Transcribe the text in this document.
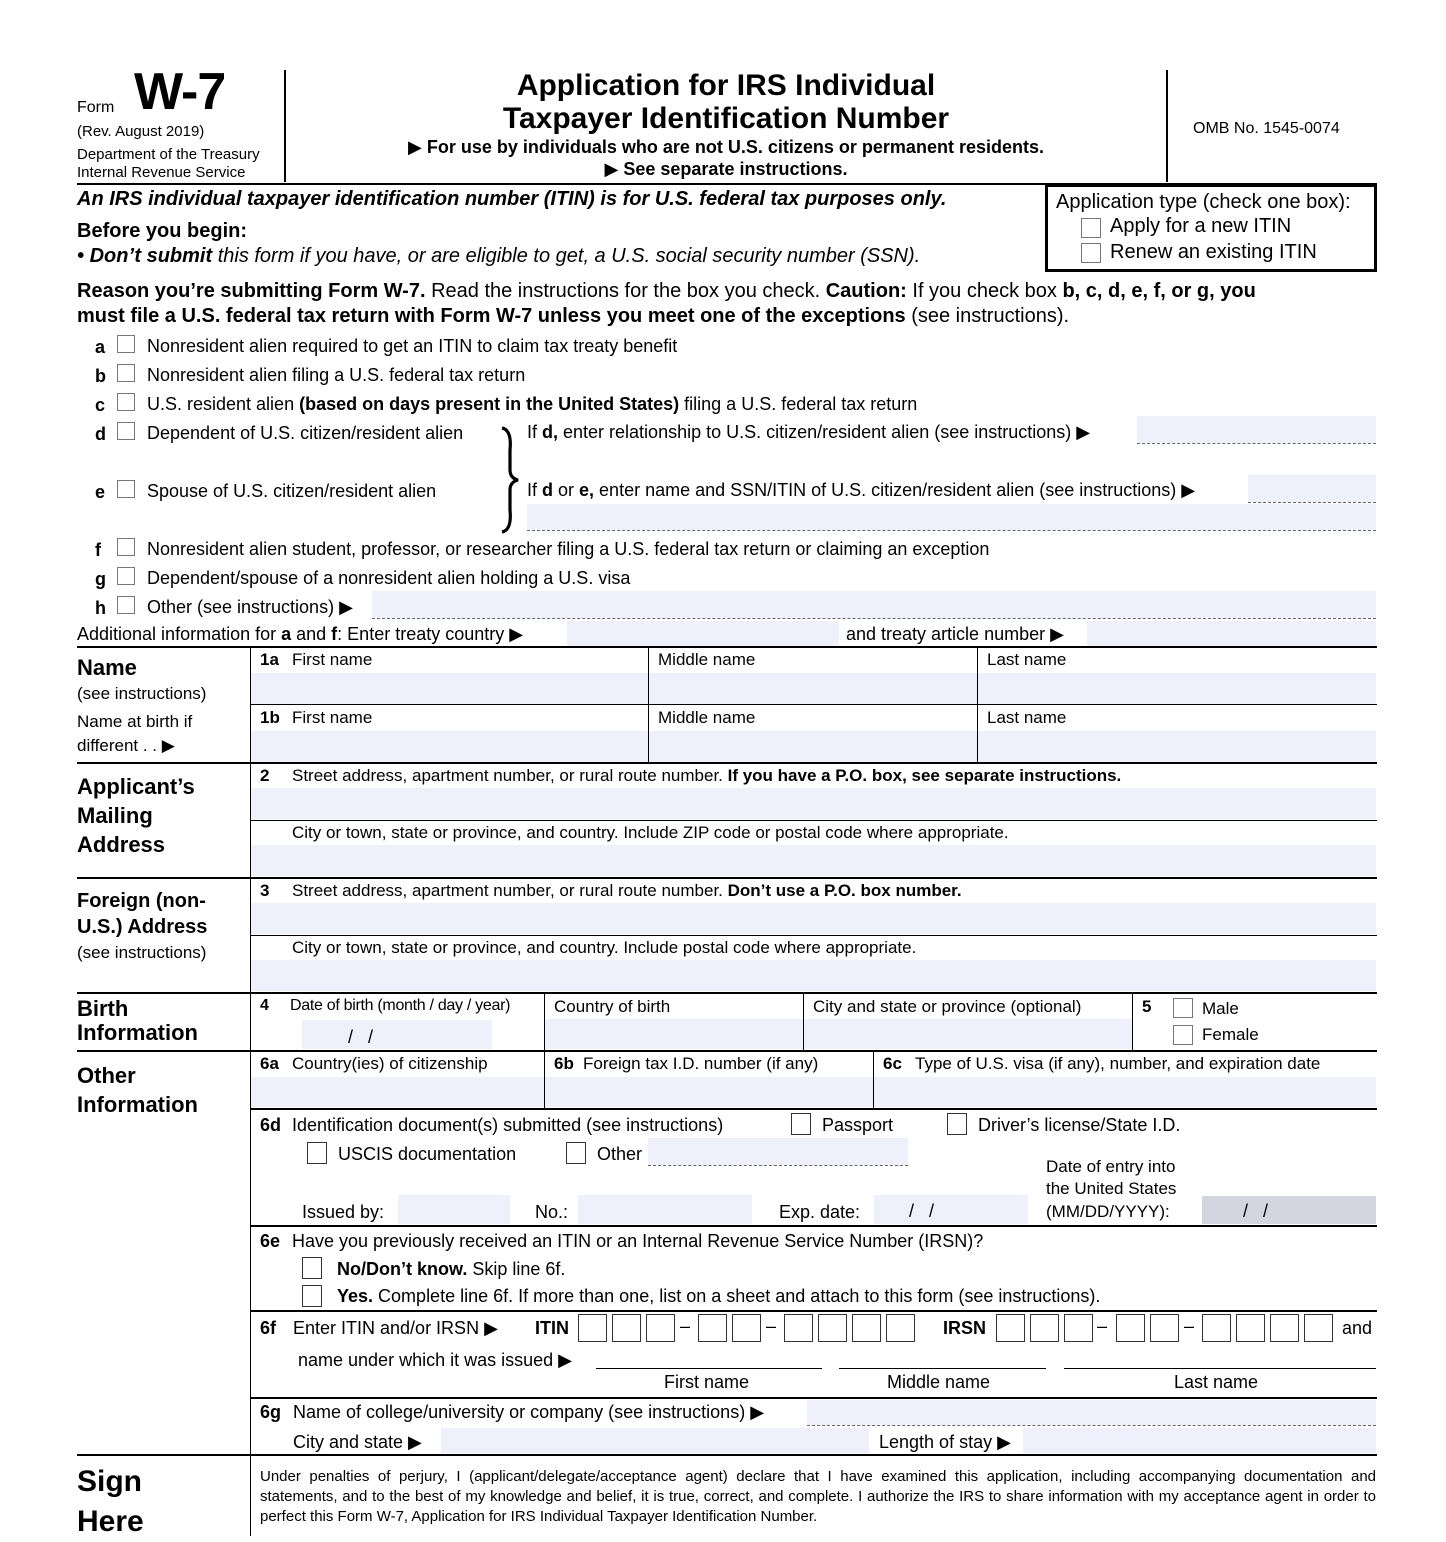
Form W-7
(Rev. August 2019)
Department of the Treasury
Internal Revenue Service
Application for IRS Individual
Taxpayer Identification Number
▶ For use by individuals who are not U.S. citizens or permanent residents.
▶ See separate instructions.
OMB No. 1545-0074
An IRS individual taxpayer identification number (ITIN) is for U.S. federal tax purposes only.
Before you begin:
• Don’t submit this form if you have, or are eligible to get, a U.S. social security number (SSN).
Application type (check one box):
Apply for a new ITIN
Renew an existing ITIN
Reason you’re submitting Form W-7. Read the instructions for the box you check. Caution: If you check box b, c, d, e, f, or g, you
must file a U.S. federal tax return with Form W-7 unless you meet one of the exceptions (see instructions).
a Nonresident alien required to get an ITIN to claim tax treaty benefit
b Nonresident alien filing a U.S. federal tax return
c U.S. resident alien (based on days present in the United States) filing a U.S. federal tax return
d Dependent of U.S. citizen/resident alien
e Spouse of U.S. citizen/resident alien
If d, enter relationship to U.S. citizen/resident alien (see instructions) ▶
If d or e, enter name and SSN/ITIN of U.S. citizen/resident alien (see instructions) ▶
f	Nonresident alien student, professor, or researcher filing a U.S. federal tax return or claiming an exception
g Dependent/spouse of a nonresident alien holding a U.S. visa
h Other (see instructions) ▶
Additional information for a and f: Enter treaty country ▶	and treaty article number ▶
Name
(see instructions)
Name at birth if
different . . ▶
1a First name	Middle name	Last name
1b First name	Middle name	Last name
Applicant’s
Mailing
Address
2 Street address, apartment number, or rural route number. If you have a P.O. box, see separate instructions.
City or town, state or province, and country. Include ZIP code or postal code where appropriate.
Foreign (non-
U.S.) Address
(see instructions)
3 Street address, apartment number, or rural route number. Don’t use a P.O. box number.
City or town, state or province, and country. Include postal code where appropriate.
Birth
Information
4 Date of birth (month / day / year)
/   /
Country of birth	City and state or province (optional)	5	Male
Female
Other
Information
6a Country(ies) of citizenship	6b Foreign tax I.D. number (if any)	6c Type of U.S. visa (if any), number, and expiration date
6d Identification document(s) submitted (see instructions)	Passport	Driver’s license/State I.D.
USCIS documentation	Other
Date of entry into
the United States
(MM/DD/YYYY):	/   /
Issued by:	No.:	Exp. date:	/   /
6e Have you previously received an ITIN or an Internal Revenue Service Number (IRSN)?
No/Don’t know. Skip line 6f.
Yes. Complete line 6f. If more than one, list on a sheet and attach to this form (see instructions).
6f Enter ITIN and/or IRSN ▶ ITIN	–	–	IRSN	–	–	and
name under which it was issued ▶
First name	Middle name	Last name
6g Name of college/university or company (see instructions) ▶
City and state ▶	Length of stay ▶
Sign
Here
Under penalties of perjury, I (applicant/delegate/acceptance agent) declare that I have examined this application, including accompanying documentation and statements, and to the best of my knowledge and belief, it is true, correct, and complete. I authorize the IRS to share information with my acceptance agent in order to perfect this Form W-7, Application for IRS Individual Taxpayer Identification Number.
